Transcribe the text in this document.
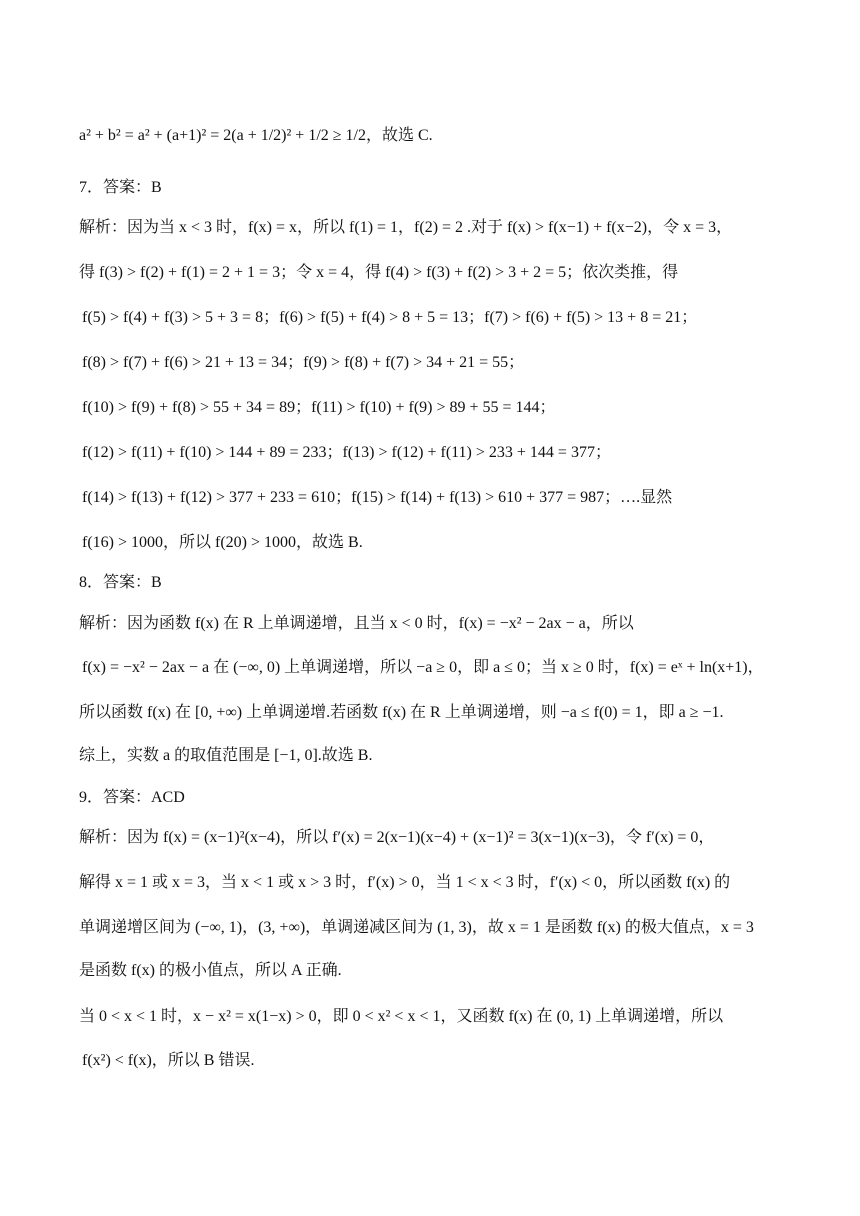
a² + b² = a² + (a+1)² = 2(a + 1/2)² + 1/2 ≥ 1/2，故选 C.
7．答案：B
解析：因为当 x < 3 时，f(x) = x，所以 f(1) = 1，f(2) = 2 .对于 f(x) > f(x−1) + f(x−2)，令 x = 3，
得 f(3) > f(2) + f(1) = 2 + 1 = 3；令 x = 4，得 f(4) > f(3) + f(2) > 3 + 2 = 5；依次类推，得
f(5) > f(4) + f(3) > 5 + 3 = 8；f(6) > f(5) + f(4) > 8 + 5 = 13；f(7) > f(6) + f(5) > 13 + 8 = 21；
f(8) > f(7) + f(6) > 21 + 13 = 34；f(9) > f(8) + f(7) > 34 + 21 = 55；
f(10) > f(9) + f(8) > 55 + 34 = 89；f(11) > f(10) + f(9) > 89 + 55 = 144；
f(12) > f(11) + f(10) > 144 + 89 = 233；f(13) > f(12) + f(11) > 233 + 144 = 377；
f(14) > f(13) + f(12) > 377 + 233 = 610；f(15) > f(14) + f(13) > 610 + 377 = 987；….显然
f(16) > 1000，所以 f(20) > 1000，故选 B.
8．答案：B
解析：因为函数 f(x) 在 R 上单调递增，且当 x < 0 时，f(x) = −x² − 2ax − a，所以
f(x) = −x² − 2ax − a 在 (−∞, 0) 上单调递增，所以 −a ≥ 0，即 a ≤ 0；当 x ≥ 0 时，f(x) = eˣ + ln(x+1)，
所以函数 f(x) 在 [0, +∞) 上单调递增.若函数 f(x) 在 R 上单调递增，则 −a ≤ f(0) = 1，即 a ≥ −1.
综上，实数 a 的取值范围是 [−1, 0].故选 B.
9．答案：ACD
解析：因为 f(x) = (x−1)²(x−4)，所以 f′(x) = 2(x−1)(x−4) + (x−1)² = 3(x−1)(x−3)，令 f′(x) = 0，
解得 x = 1 或 x = 3，当 x < 1 或 x > 3 时，f′(x) > 0，当 1 < x < 3 时，f′(x) < 0，所以函数 f(x) 的
单调递增区间为 (−∞, 1)，(3, +∞)，单调递减区间为 (1, 3)，故 x = 1 是函数 f(x) 的极大值点，x = 3
是函数 f(x) 的极小值点，所以 A 正确.
当 0 < x < 1 时，x − x² = x(1−x) > 0，即 0 < x² < x < 1，又函数 f(x) 在 (0, 1) 上单调递增，所以
f(x²) < f(x)，所以 B 错误.
